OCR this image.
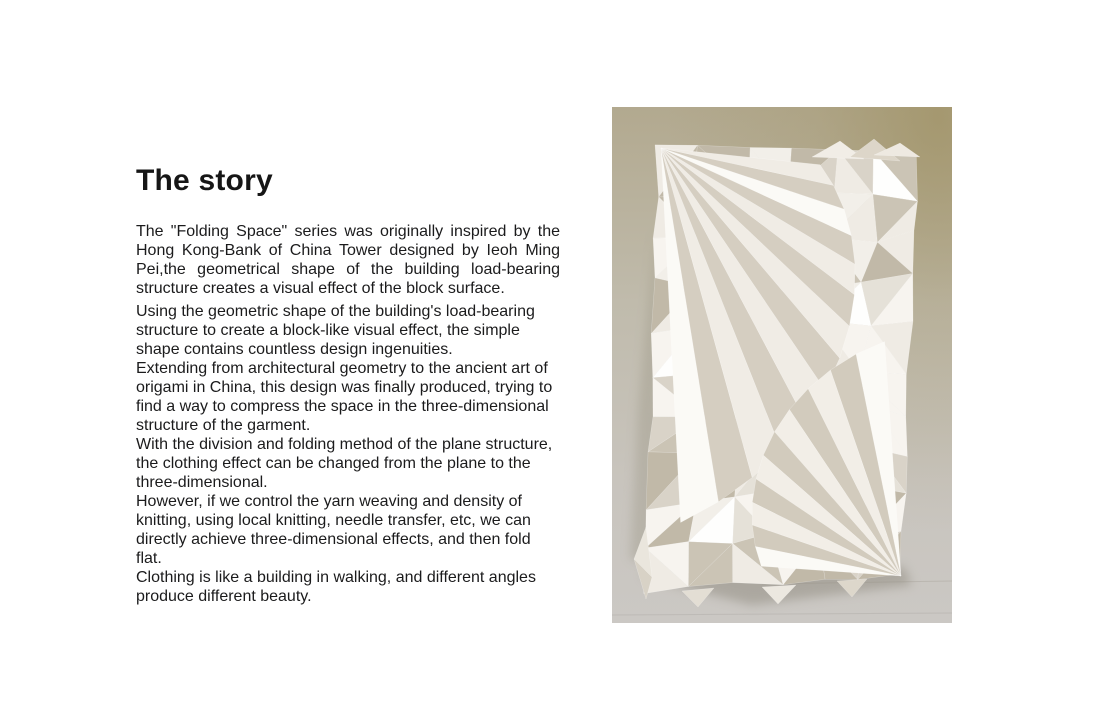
The story

The "Folding Space" series was originally inspired by the Hong Kong-Bank of China Tower designed by Ieoh Ming Pei,the geometrical shape of the building load-bearing structure creates a visual effect of the block surface.

Using the geometric shape of the building's load-bearing structure to create a block-like visual effect, the simple shape contains countless design ingenuities.

Extending from architectural geometry to the ancient art of origami in China, this design was finally produced, trying to find a way to compress the space in the three-dimensional structure of the garment.

With the division and folding method of the plane structure, the clothing effect can be changed from the plane to the three-dimensional.

However, if we control the yarn weaving and density of knitting, using local knitting, needle transfer, etc, we can directly achieve three-dimensional effects, and then fold flat.

Clothing is like a building in walking, and different angles produce different beauty.
